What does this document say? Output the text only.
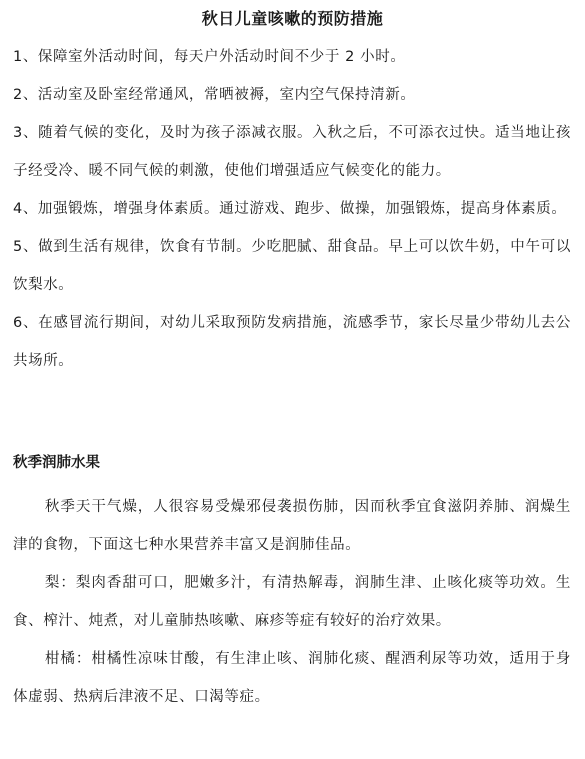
秋日儿童咳嗽的预防措施
1、保障室外活动时间，每天户外活动时间不少于 2 小时。
2、活动室及卧室经常通风，常晒被褥，室内空气保持清新。
3、随着气候的变化，及时为孩子添减衣服。入秋之后，不可添衣过快。适当地让孩子经受冷、暖不同气候的刺激，使他们增强适应气候变化的能力。
4、加强锻炼，增强身体素质。通过游戏、跑步、做操，加强锻炼，提高身体素质。
5、做到生活有规律，饮食有节制。少吃肥腻、甜食品。早上可以饮牛奶，中午可以饮梨水。
6、在感冒流行期间，对幼儿采取预防发病措施，流感季节，家长尽量少带幼儿去公共场所。

秋季润肺水果

秋季天干气燥，人很容易受燥邪侵袭损伤肺，因而秋季宜食滋阴养肺、润燥生津的食物，下面这七种水果营养丰富又是润肺佳品。

梨：梨肉香甜可口，肥嫩多汁，有清热解毒，润肺生津、止咳化痰等功效。生食、榨汁、炖煮，对儿童肺热咳嗽、麻疹等症有较好的治疗效果。

柑橘：柑橘性凉味甘酸，有生津止咳、润肺化痰、醒酒利尿等功效，适用于身体虚弱、热病后津液不足、口渴等症。
